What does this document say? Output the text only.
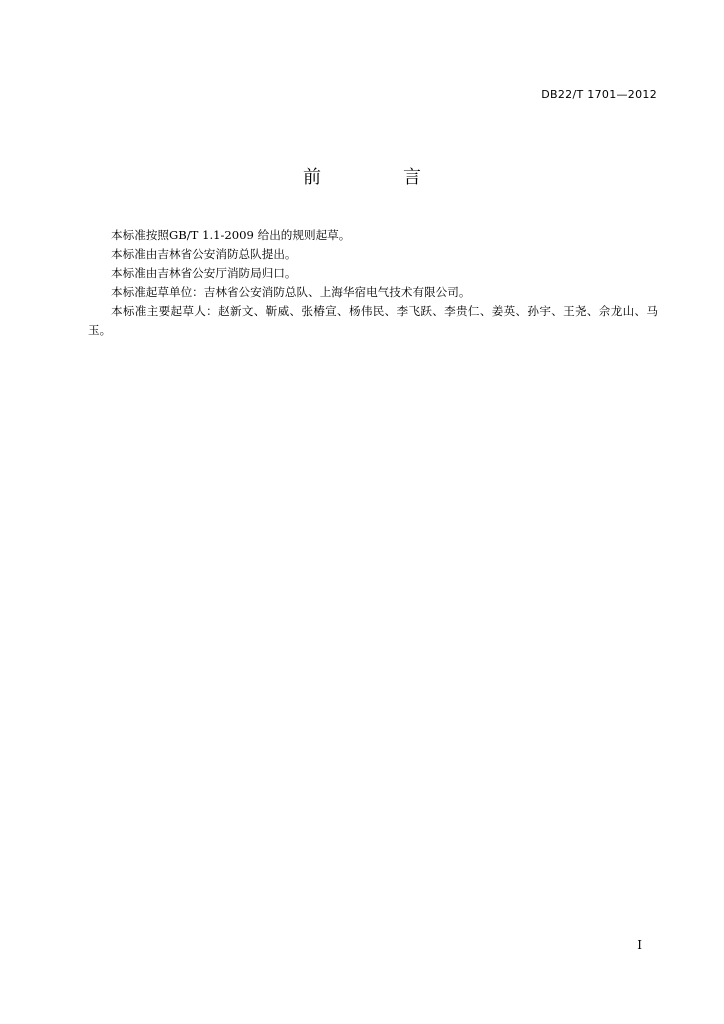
DB22/T 1701—2012
前　言

本标准按照GB/T 1.1-2009 给出的规则起草。

本标准由吉林省公安消防总队提出。

本标准由吉林省公安厅消防局归口。

本标准起草单位：吉林省公安消防总队、上海华宿电气技术有限公司。

本标准主要起草人：赵新文、靳威、张椿宣、杨伟民、李飞跃、李贵仁、姜英、孙宇、王尧、佘龙山、马玉。

I
